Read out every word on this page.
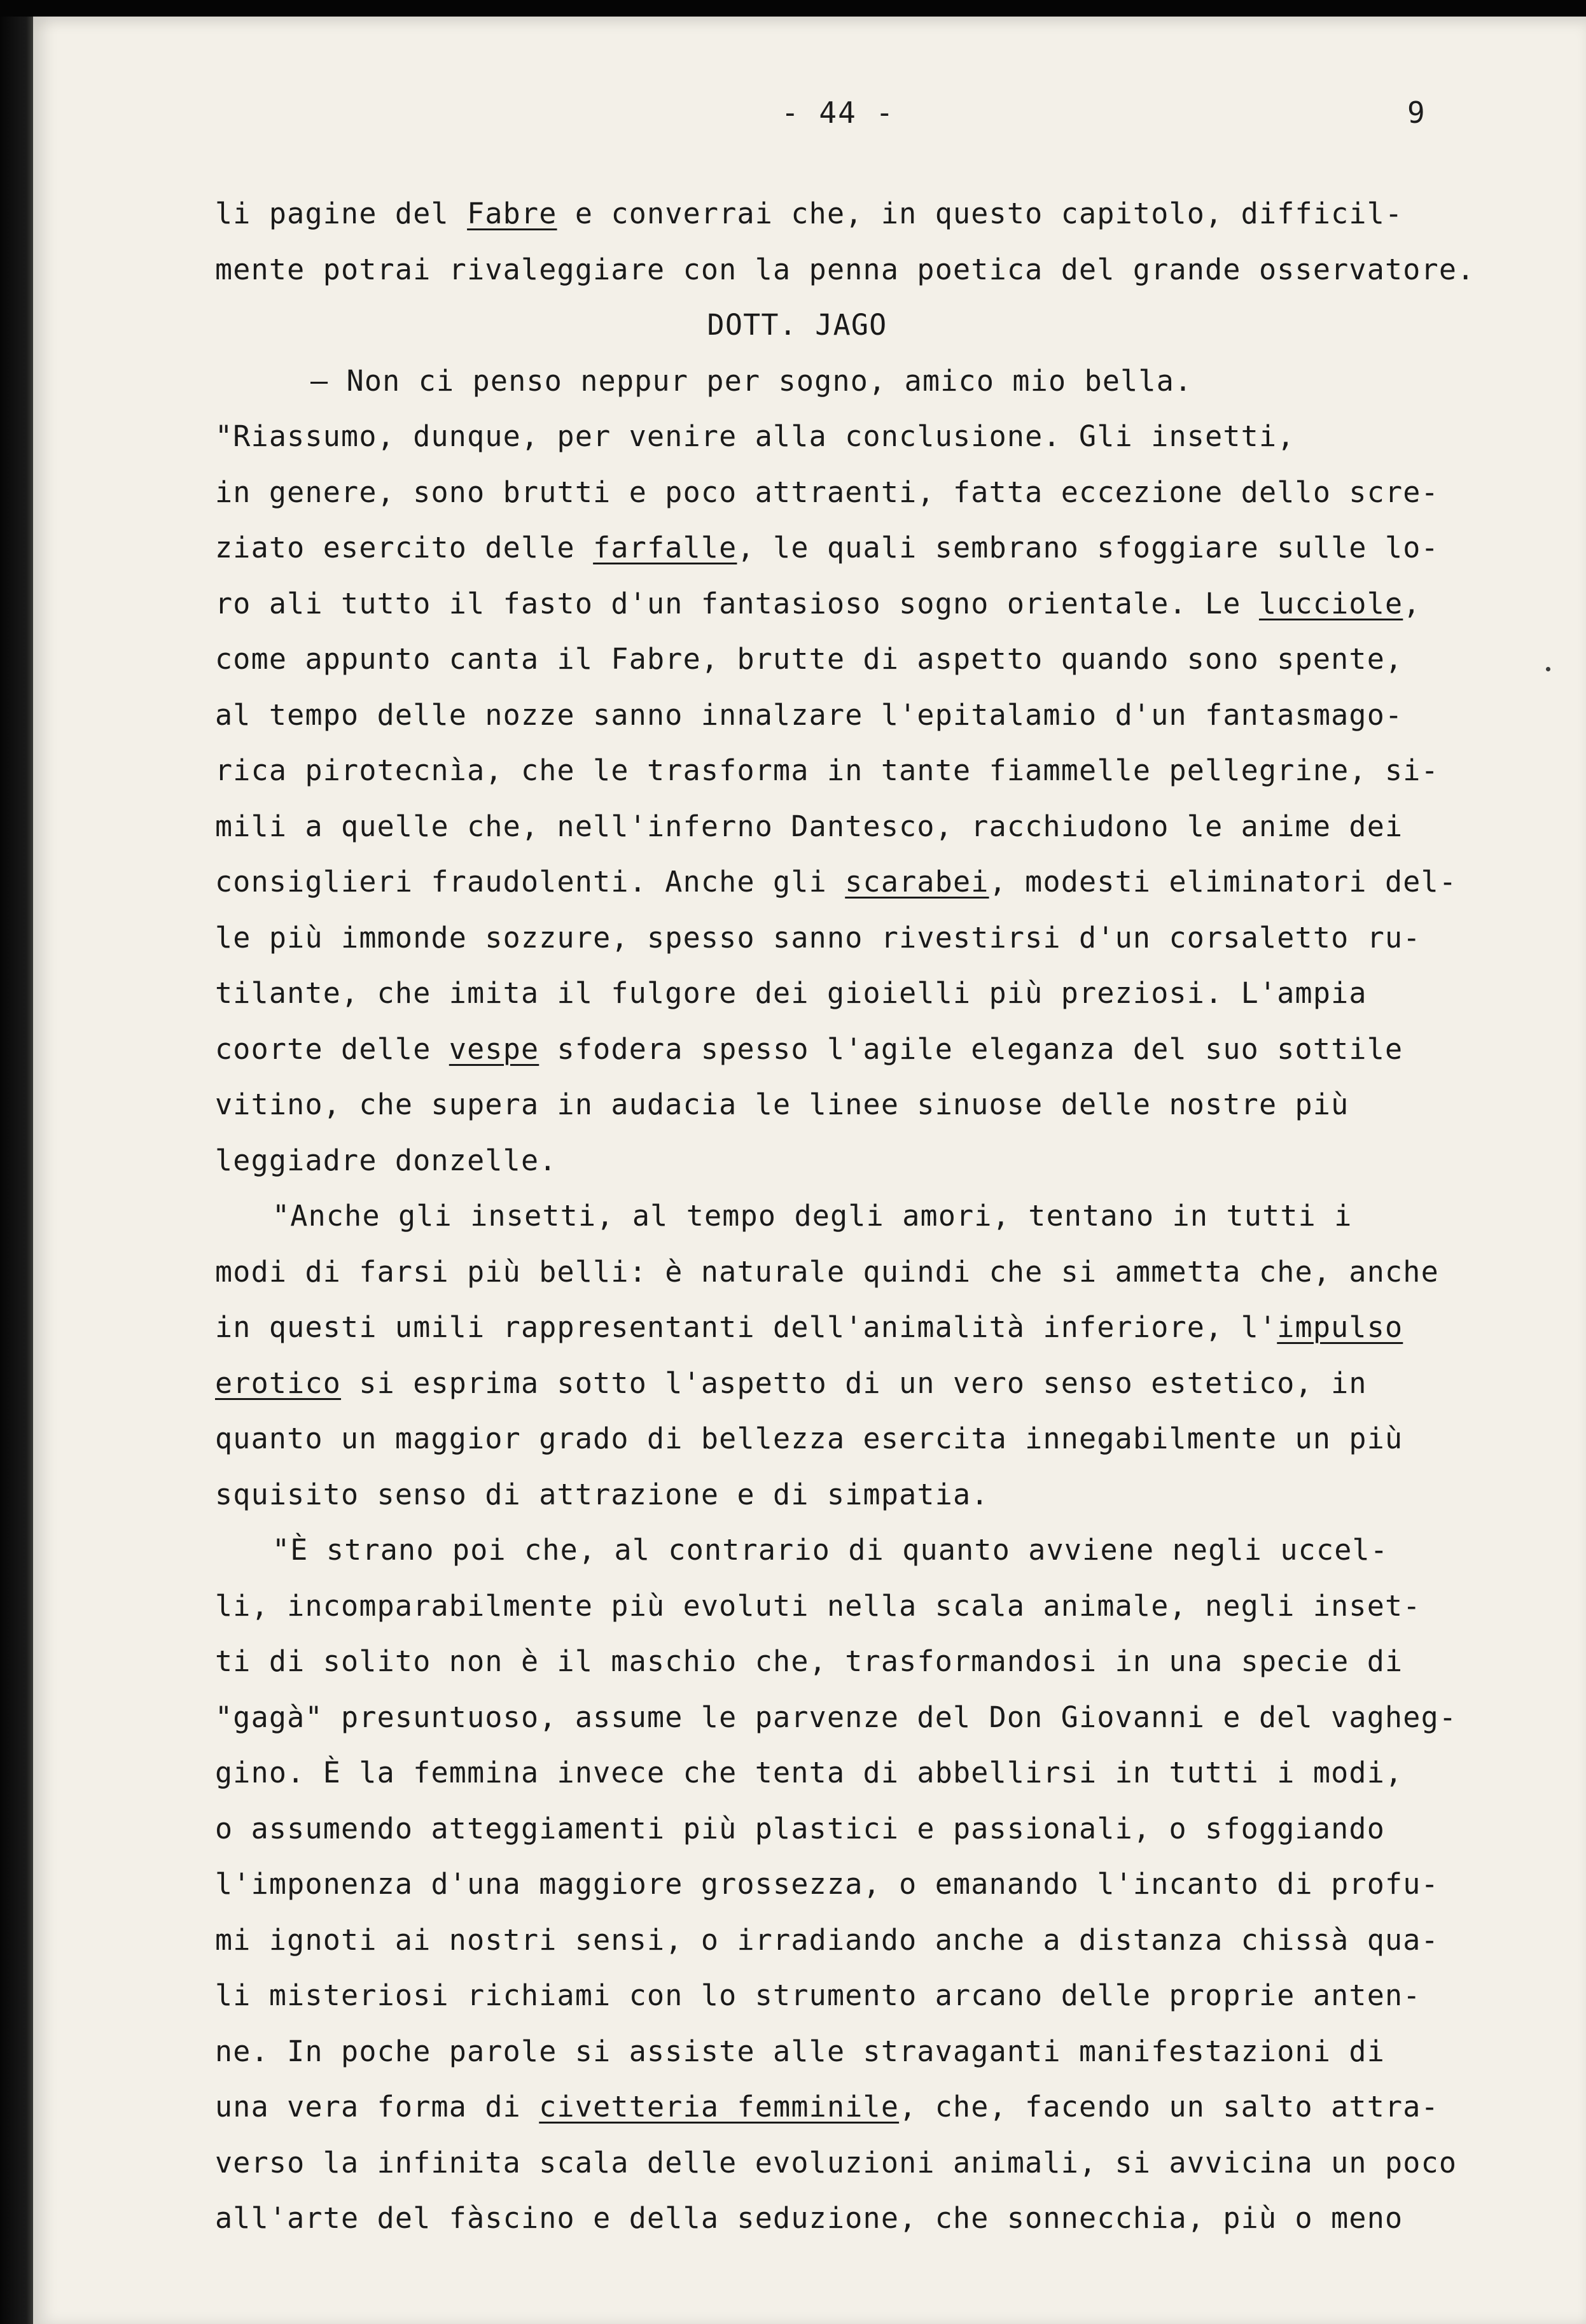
- 44 -	9
li pagine del Fabre e converrai che, in questo capitolo, difficil-
mente potrai rivaleggiare con la penna poetica del grande osservatore.
DOTT. JAGO
— Non ci penso neppur per sogno, amico mio bella.
"Riassumo, dunque, per venire alla conclusione. Gli insetti,
in genere, sono brutti e poco attraenti, fatta eccezione dello scre-
ziato esercito delle farfalle, le quali sembrano sfoggiare sulle lo-
ro ali tutto il fasto d'un fantasioso sogno orientale. Le lucciole,
come appunto canta il Fabre, brutte di aspetto quando sono spente,
al tempo delle nozze sanno innalzare l'epitalamio d'un fantasmago-
rica pirotecnìa, che le trasforma in tante fiammelle pellegrine, si-
mili a quelle che, nell'inferno Dantesco, racchiudono le anime dei
consiglieri fraudolenti. Anche gli scarabei, modesti eliminatori del-
le più immonde sozzure, spesso sanno rivestirsi d'un corsaletto ru-
tilante, che imita il fulgore dei gioielli più preziosi. L'ampia
coorte delle vespe sfodera spesso l'agile eleganza del suo sottile
vitino, che supera in audacia le linee sinuose delle nostre più
leggiadre donzelle.
"Anche gli insetti, al tempo degli amori, tentano in tutti i
modi di farsi più belli: è naturale quindi che si ammetta che, anche
in questi umili rappresentanti dell'animalità inferiore, l'impulso
erotico si esprima sotto l'aspetto di un vero senso estetico, in
quanto un maggior grado di bellezza esercita innegabilmente un più
squisito senso di attrazione e di simpatia.
"È strano poi che, al contrario di quanto avviene negli uccel-
li, incomparabilmente più evoluti nella scala animale, negli inset-
ti di solito non è il maschio che, trasformandosi in una specie di
"gagà" presuntuoso, assume le parvenze del Don Giovanni e del vagheg-
gino. È la femmina invece che tenta di abbellirsi in tutti i modi,
o assumendo atteggiamenti più plastici e passionali, o sfoggiando
l'imponenza d'una maggiore grossezza, o emanando l'incanto di profu-
mi ignoti ai nostri sensi, o irradiando anche a distanza chissà qua-
li misteriosi richiami con lo strumento arcano delle proprie anten-
ne. In poche parole si assiste alle stravaganti manifestazioni di
una vera forma di civetteria femminile, che, facendo un salto attra-
verso la infinita scala delle evoluzioni animali, si avvicina un poco
all'arte del fàscino e della seduzione, che sonnecchia, più o meno
